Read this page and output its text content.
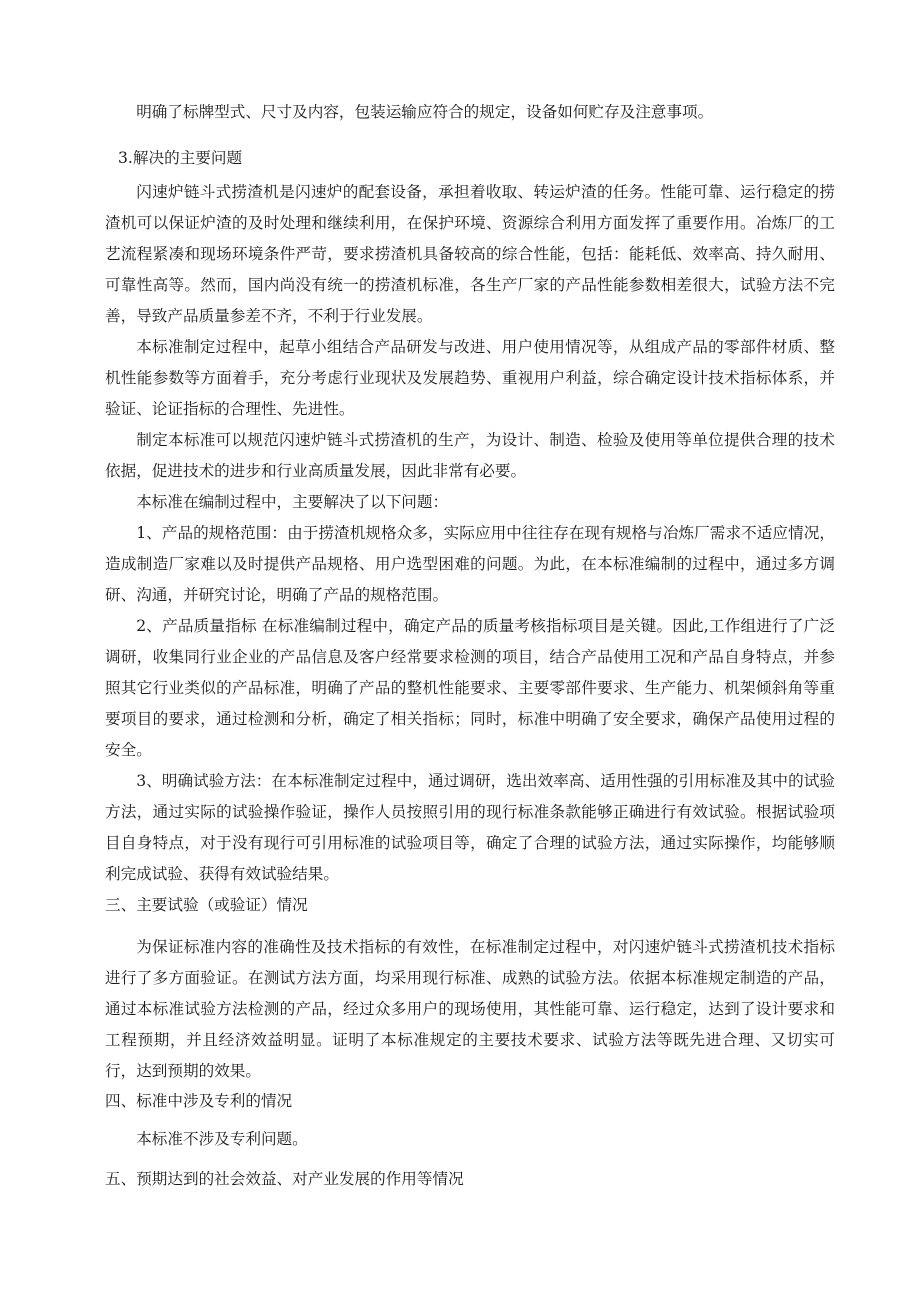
明确了标牌型式、尺寸及内容，包装运输应符合的规定，设备如何贮存及注意事项。
3.解决的主要问题
闪速炉链斗式捞渣机是闪速炉的配套设备，承担着收取、转运炉渣的任务。性能可靠、运行稳定的捞渣机可以保证炉渣的及时处理和继续利用，在保护环境、资源综合利用方面发挥了重要作用。冶炼厂的工艺流程紧凑和现场环境条件严苛，要求捞渣机具备较高的综合性能，包括：能耗低、效率高、持久耐用、可靠性高等。然而，国内尚没有统一的捞渣机标准，各生产厂家的产品性能参数相差很大，试验方法不完善，导致产品质量参差不齐，不利于行业发展。
本标准制定过程中，起草小组结合产品研发与改进、用户使用情况等，从组成产品的零部件材质、整机性能参数等方面着手，充分考虑行业现状及发展趋势、重视用户利益，综合确定设计技术指标体系，并验证、论证指标的合理性、先进性。
制定本标准可以规范闪速炉链斗式捞渣机的生产，为设计、制造、检验及使用等单位提供合理的技术依据，促进技术的进步和行业高质量发展，因此非常有必要。
本标准在编制过程中，主要解决了以下问题：
1、产品的规格范围：由于捞渣机规格众多，实际应用中往往存在现有规格与冶炼厂需求不适应情况，造成制造厂家难以及时提供产品规格、用户选型困难的问题。为此，在本标准编制的过程中，通过多方调研、沟通，并研究讨论，明确了产品的规格范围。
2、产品质量指标 在标准编制过程中，确定产品的质量考核指标项目是关键。因此,工作组进行了广泛调研，收集同行业企业的产品信息及客户经常要求检测的项目，结合产品使用工况和产品自身特点，并参照其它行业类似的产品标准，明确了产品的整机性能要求、主要零部件要求、生产能力、机架倾斜角等重要项目的要求，通过检测和分析，确定了相关指标；同时，标准中明确了安全要求，确保产品使用过程的安全。
3、明确试验方法：在本标准制定过程中，通过调研，选出效率高、适用性强的引用标准及其中的试验方法，通过实际的试验操作验证，操作人员按照引用的现行标准条款能够正确进行有效试验。根据试验项目自身特点，对于没有现行可引用标准的试验项目等，确定了合理的试验方法，通过实际操作，均能够顺利完成试验、获得有效试验结果。
三、主要试验（或验证）情况
为保证标准内容的准确性及技术指标的有效性，在标准制定过程中，对闪速炉链斗式捞渣机技术指标进行了多方面验证。在测试方法方面，均采用现行标准、成熟的试验方法。依据本标准规定制造的产品，通过本标准试验方法检测的产品，经过众多用户的现场使用，其性能可靠、运行稳定，达到了设计要求和工程预期，并且经济效益明显。证明了本标准规定的主要技术要求、试验方法等既先进合理、又切实可行，达到预期的效果。
四、标准中涉及专利的情况
本标准不涉及专利问题。
五、预期达到的社会效益、对产业发展的作用等情况
